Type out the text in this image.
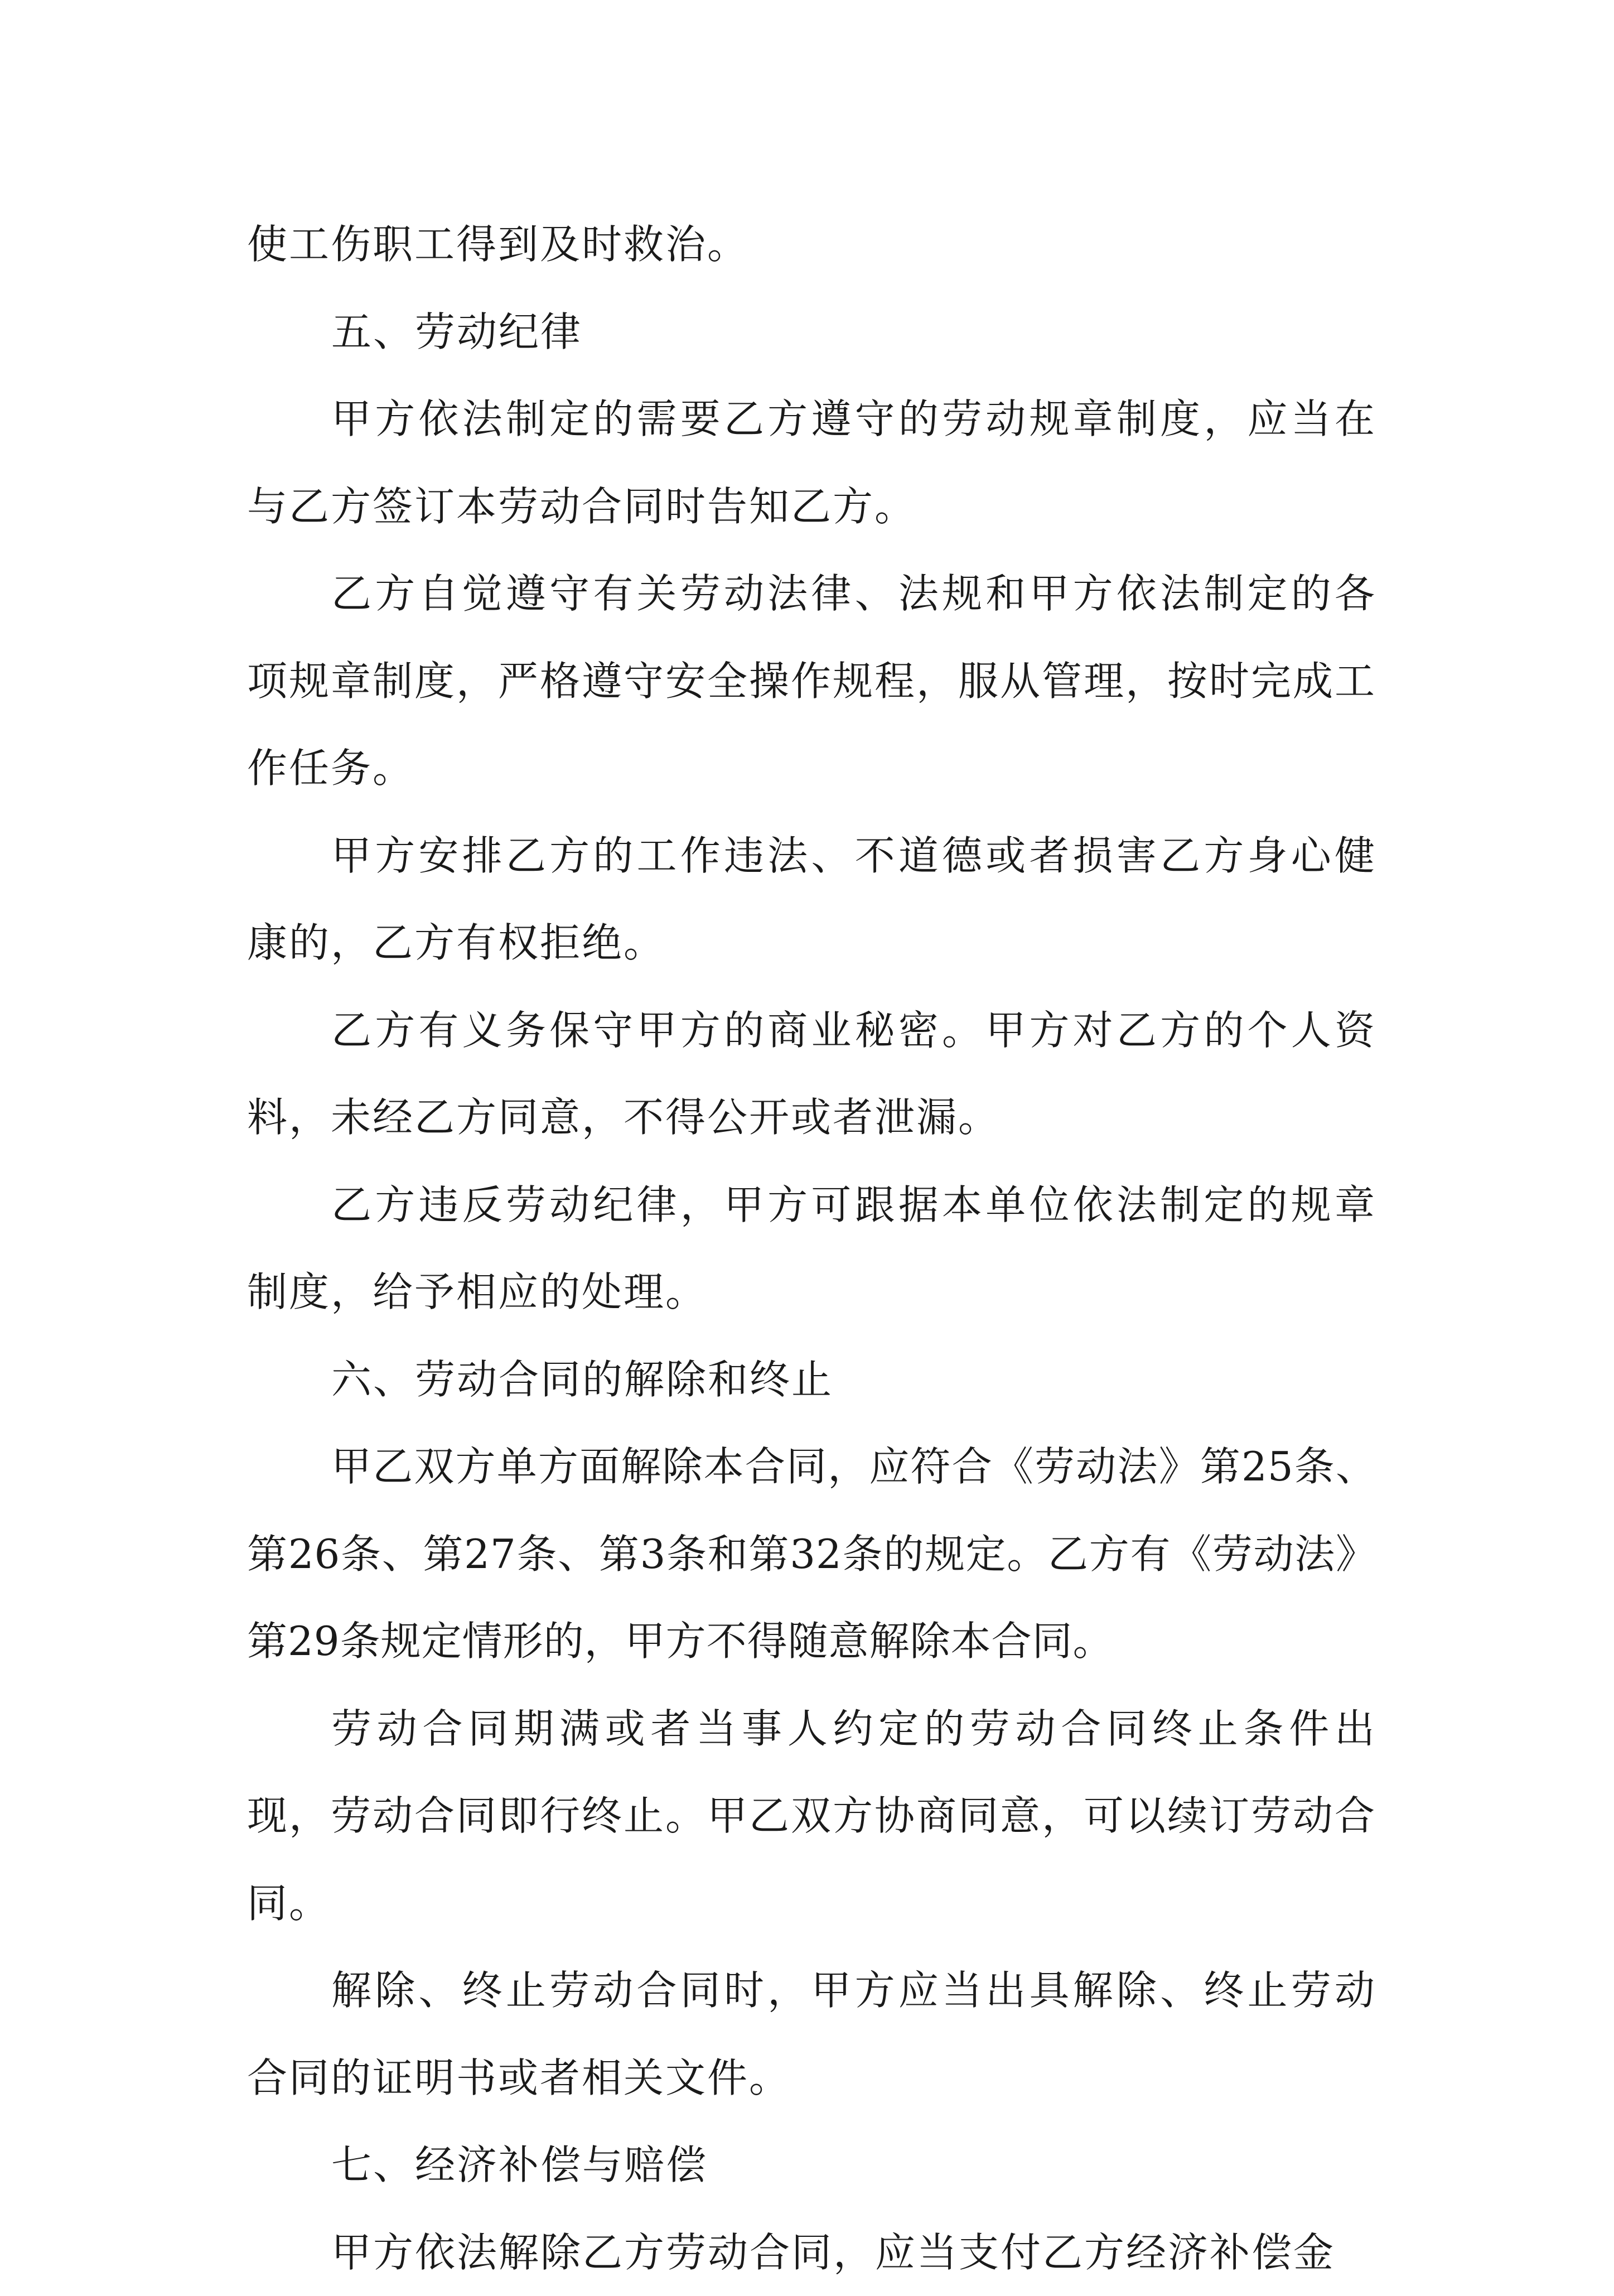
使工伤职工得到及时救治。

五、劳动纪律

甲方依法制定的需要乙方遵守的劳动规章制度，应当在与乙方签订本劳动合同时告知乙方。

乙方自觉遵守有关劳动法律、法规和甲方依法制定的各项规章制度，严格遵守安全操作规程，服从管理，按时完成工作任务。

甲方安排乙方的工作违法、不道德或者损害乙方身心健康的，乙方有权拒绝。

乙方有义务保守甲方的商业秘密。甲方对乙方的个人资料，未经乙方同意，不得公开或者泄漏。

乙方违反劳动纪律，甲方可跟据本单位依法制定的规章制度，给予相应的处理。

六、劳动合同的解除和终止

甲乙双方单方面解除本合同，应符合《劳动法》第25条、第26条、第27条、第3条和第32条的规定。乙方有《劳动法》第29条规定情形的，甲方不得随意解除本合同。

劳动合同期满或者当事人约定的劳动合同终止条件出现，劳动合同即行终止。甲乙双方协商同意，可以续订劳动合同。

解除、终止劳动合同时，甲方应当出具解除、终止劳动合同的证明书或者相关文件。

七、经济补偿与赔偿

甲方依法解除乙方劳动合同，应当支付乙方经济补偿金
